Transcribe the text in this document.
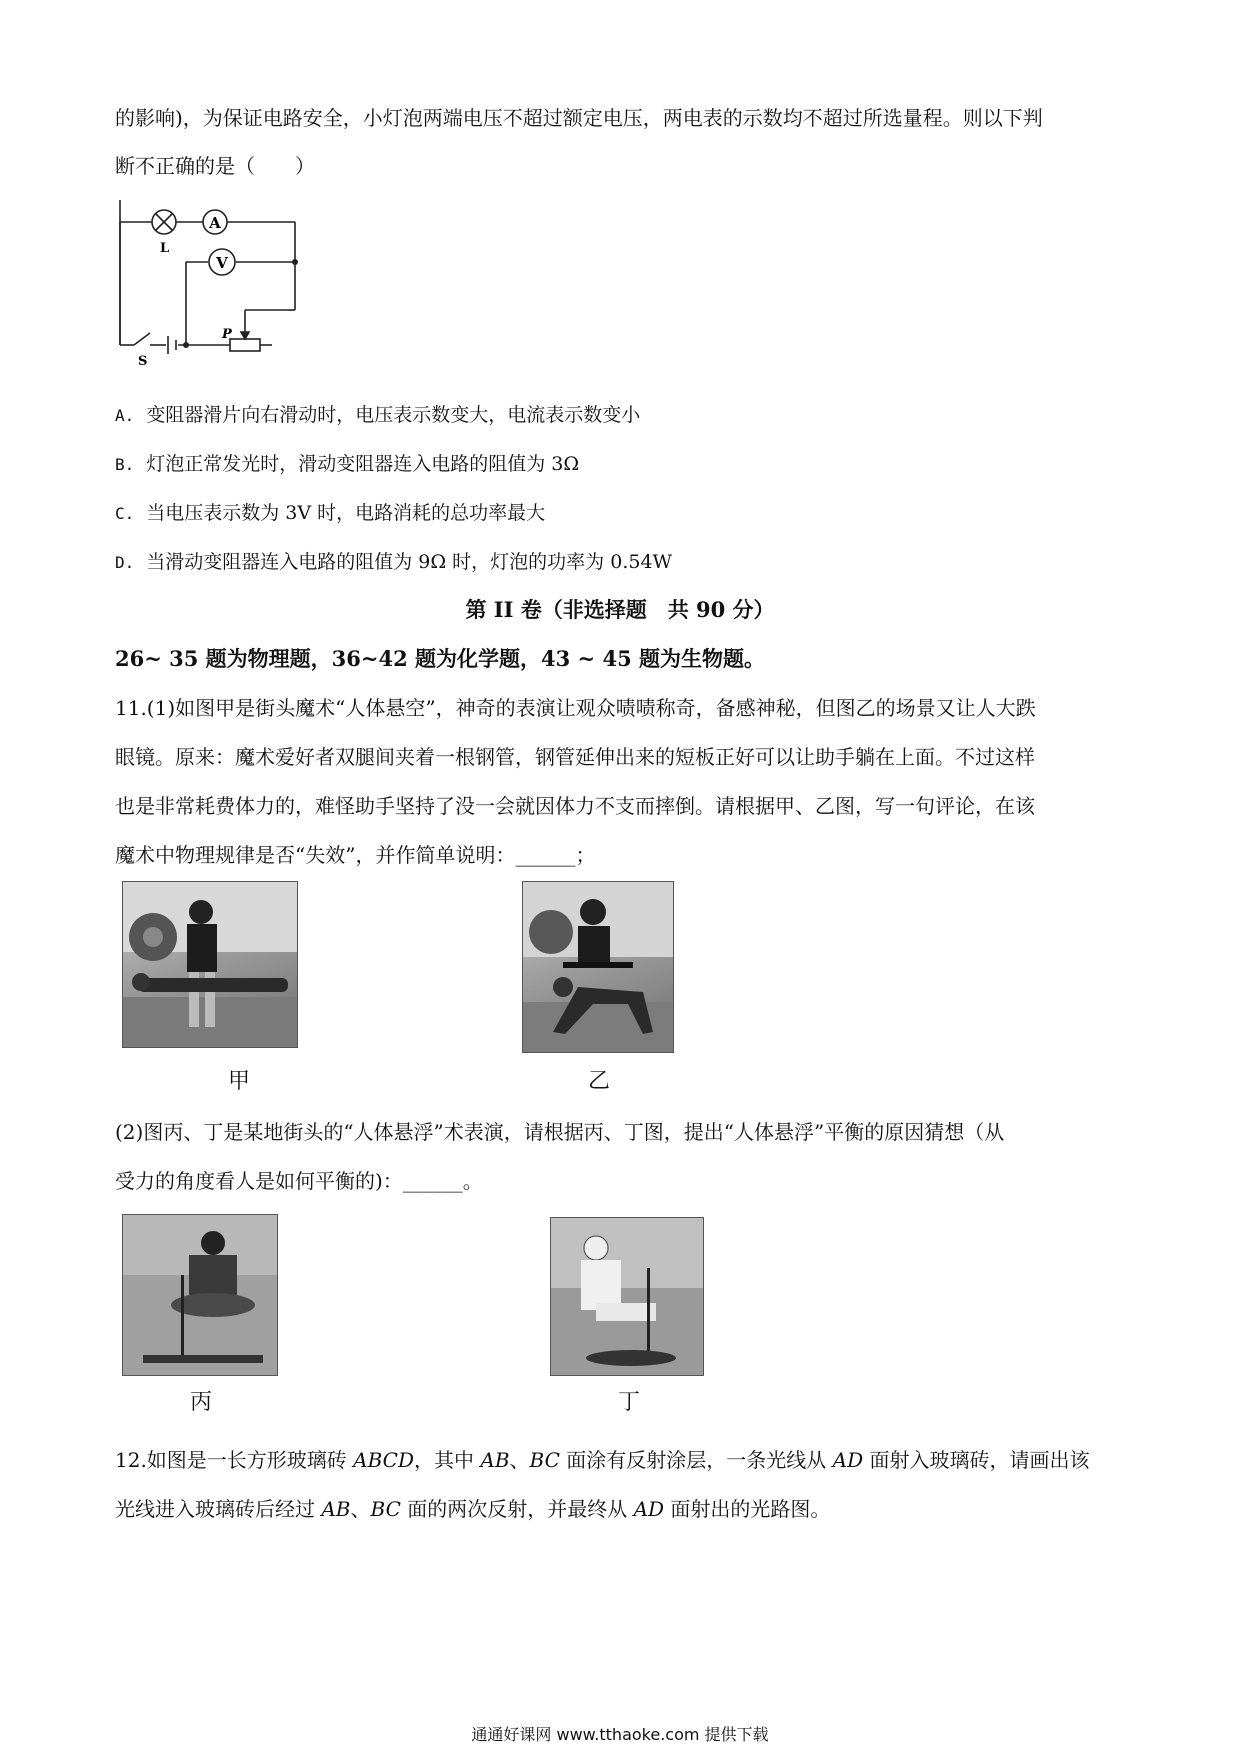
的影响)，为保证电路安全，小灯泡两端电压不超过额定电压，两电表的示数均不超过所选量程。则以下判
断不正确的是（　　）
A
V
L
P
S
A. 变阻器滑片向右滑动时，电压表示数变大，电流表示数变小
B. 灯泡正常发光时，滑动变阻器连入电路的阻值为 3Ω
C. 当电压表示数为 3V 时，电路消耗的总功率最大
D. 当滑动变阻器连入电路的阻值为 9Ω 时，灯泡的功率为 0.54W
第 II 卷（非选择题　共 90 分）
26~ 35 题为物理题，36~42 题为化学题，43 ~ 45 题为生物题。
11.(1)如图甲是街头魔术“人体悬空”，神奇的表演让观众啧啧称奇，备感神秘，但图乙的场景又让人大跌
眼镜。原来：魔术爱好者双腿间夹着一根钢管，钢管延伸出来的短板正好可以让助手躺在上面。不过这样
也是非常耗费体力的，难怪助手坚持了没一会就因体力不支而摔倒。请根据甲、乙图，写一句评论，在该
魔术中物理规律是否“失效”，并作简单说明：______；
甲	乙
(2)图丙、丁是某地街头的“人体悬浮”术表演，请根据丙、丁图，提出“人体悬浮”平衡的原因猜想（从
受力的角度看人是如何平衡的)：______。
丙	丁
12.如图是一长方形玻璃砖 ABCD，其中 AB、BC 面涂有反射涂层，一条光线从 AD 面射入玻璃砖，请画出该
光线进入玻璃砖后经过 AB、BC 面的两次反射，并最终从 AD 面射出的光路图。
通通好课网 www.tthaoke.com 提供下载
